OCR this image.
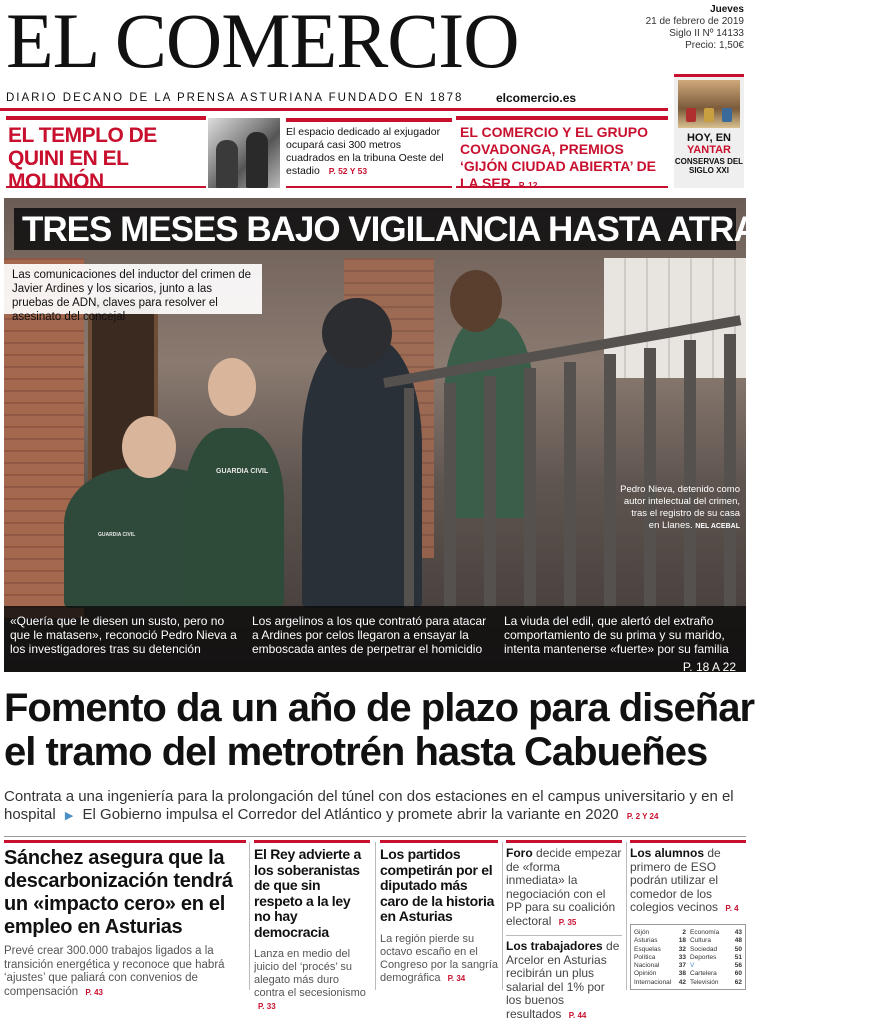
EL COMERCIO	Jueves
21 de febrero de 2019
Siglo II Nº 14133
Precio: 1,50€
DIARIO DECANO DE LA PRENSA ASTURIANA FUNDADO EN 1878	elcomercio.es
EL TEMPLO DE QUINI EN EL MOLINÓN
El espacio dedicado al exjugador ocupará casi 300 metros cuadrados en la tribuna Oeste del estadio P. 52 Y 53
EL COMERCIO Y EL GRUPO COVADONGA, PREMIOS ‘GIJÓN CIUDAD ABIERTA’ DE LA SER P. 12
HOY, EN
YANTAR
CONSERVAS DEL SIGLO XXI
GUARDIA CIVIL
GUARDIA CIVIL
TRES MESES BAJO VIGILANCIA HASTA ATRAPARLO
Las comunicaciones del inductor del crimen de Javier Ardines y los sicarios, junto a las pruebas de ADN, claves para resolver el asesinato del concejal
Pedro Nieva, detenido como autor intelectual del crimen, tras el registro de su casa en Llanes. NEL ACEBAL
«Quería que le diesen un susto, pero no que le matasen», reconoció Pedro Nieva a los investigadores tras su detención
Los argelinos a los que contrató para atacar a Ardines por celos llegaron a ensayar la emboscada antes de perpetrar el homicidio
La viuda del edil, que alertó del extraño comportamiento de su prima y su marido, intenta mantenerse «fuerte» por su familia
P. 18 A 22
Fomento da un año de plazo para diseñar
el tramo del metrotrén hasta Cabueñes
Contrata a una ingeniería para la prolongación del túnel con dos estaciones en el campus universitario y en el hospital ▶ El Gobierno impulsa el Corredor del Atlántico y promete abrir la variante en 2020 P. 2 Y 24
Sánchez asegura que la descarbonización tendrá un «impacto cero» en el empleo en Asturias
Prevé crear 300.000 trabajos ligados a la transición energética y reconoce que habrá ‘ajustes’ que paliará con convenios de compensación P. 43
El Rey advierte a los soberanistas de que sin respeto a la ley no hay democracia
Lanza en medio del juicio del ‘procés’ su alegato más duro contra el secesionismo P. 33
Los partidos competirán por el diputado más caro de la historia en Asturias
La región pierde su octavo escaño en el Congreso por la sangría demográfica P. 34
Foro decide empezar de «forma inmediata» la negociación con el PP para su coalición electoral P. 35
Los trabajadores de Arcelor en Asturias recibirán un plus salarial del 1% por los buenos resultados P. 44
Los alumnos de primero de ESO podrán utilizar el comedor de los colegios vecinos P. 4
Gijón	2 Economía 43
Asturias	18 Cultura	48
Esquelas	32 Sociedad	50
Política	33 Deportes	51
Nacional	37 V	56
Opinión	38 Cartelera	60
Internacional 42 Televisión 62
